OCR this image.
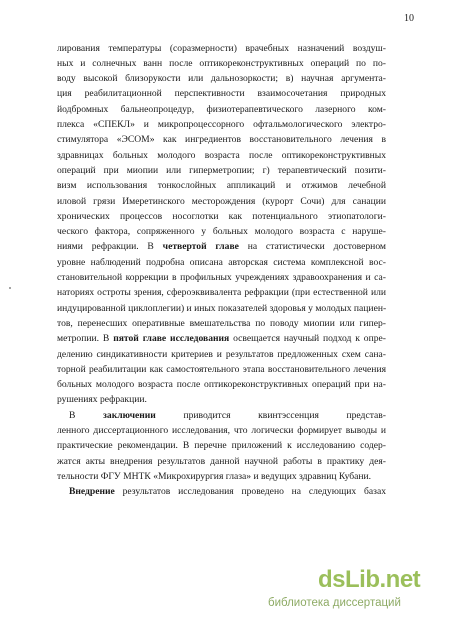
10
лирования температуры (соразмерности) врачебных назначений воздуш-
ных и солнечных ванн после оптикореконструктивных операций по по-
воду высокой близорукости или дальнозоркости; в) научная аргумента-
ция реабилитационной перспективности взаимосочетания природных
йодбромных бальнеопроцедур, физиотерапевтического лазерного ком-
плекса «СПЕКЛ» и микропроцессорного офтальмологического электро-
стимулятора «ЭСОМ» как ингредиентов восстановительного лечения в
здравницах больных молодого возраста после оптикореконструктивных
операций при миопии или гиперметропии; г) терапевтический позити-
визм использования тонкослойных аппликаций и отжимов лечебной
иловой грязи Имеретинского месторождения (курорт Сочи) для санации
хронических процессов носоглотки как потенциального этиопатологи-
ческого фактора, сопряженного у больных молодого возраста с наруше-
ниями рефракции. В четвертой главе на статистически достоверном
уровне наблюдений подробна описана авторская система комплексной вос-
становительной коррекции в профильных учреждениях здравоохранения и са-
наториях остроты зрения, сфероэквивалента рефракции (при естественной или
индуцированной циклоплегии) и иных показателей здоровья у молодых пациен-
тов, перенесших оперативные вмешательства по поводу миопии или гипер-
метропии. В пятой главе исследования освещается научный подход к опре-
делению синдикативности критериев и результатов предложенных схем сана-
торной реабилитации как самостоятельного этапа восстановительного лечения
больных молодого возраста после оптикореконструктивных операций при на-
рушениях рефракции.
В заключении приводится квинтэссенция представ-
ленного диссертационного исследования, что логически формирует выводы и
практические рекомендации. В перечне приложений к исследованию содер-
жатся акты внедрения результатов данной научной работы в практику дея-
тельности ФГУ МНТК «Микрохирургия глаза» и ведущих здравниц Кубани.
Внедрение результатов исследования проведено на следующих базах
dsLib.net
библиотека диссертаций
